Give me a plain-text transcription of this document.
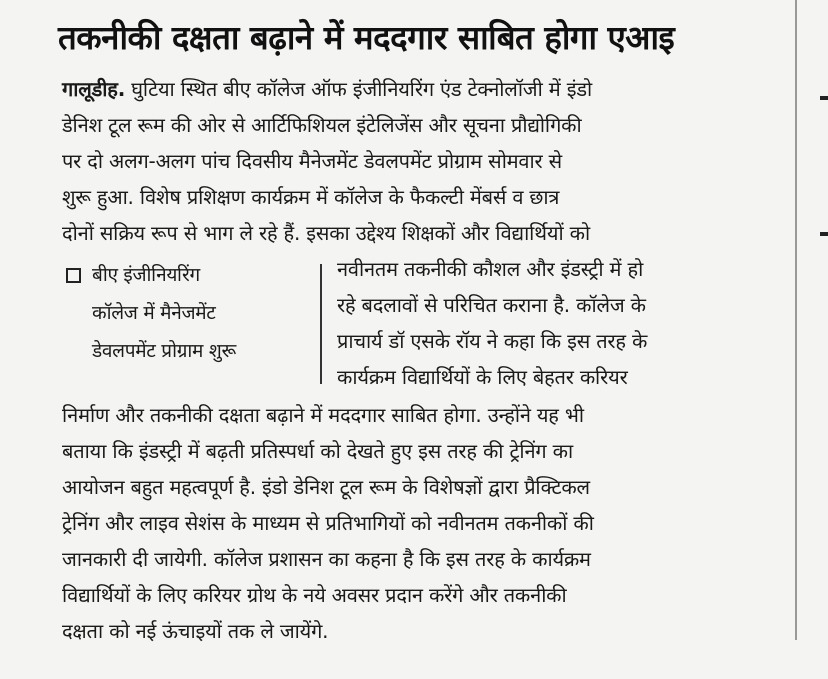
तकनीकी दक्षता बढ़ाने में मददगार साबित होगा एआइ
गालूडीह. घुटिया स्थित बीए कॉलेज ऑफ इंजीनियरिंग एंड टेक्नोलॉजी में इंडो
डेनिश टूल रूम की ओर से आर्टिफिशियल इंटेलिजेंस और सूचना प्रौद्योगिकी
पर दो अलग-अलग पांच दिवसीय मैनेजमेंट डेवलपमेंट प्रोग्राम सोमवार से
शुरू हुआ. विशेष प्रशिक्षण कार्यक्रम में कॉलेज के फैकल्टी मेंबर्स व छात्र
दोनों सक्रिय रूप से भाग ले रहे हैं. इसका उद्देश्य शिक्षकों और विद्यार्थियों को
बीए इंजीनियरिंग
कॉलेज में मैनेजमेंट
डेवलपमेंट प्रोग्राम शुरू
नवीनतम तकनीकी कौशल और इंडस्ट्री में हो
रहे बदलावों से परिचित कराना है. कॉलेज के
प्राचार्य डॉ एसके रॉय ने कहा कि इस तरह के
कार्यक्रम विद्यार्थियों के लिए बेहतर करियर
निर्माण और तकनीकी दक्षता बढ़ाने में मददगार साबित होगा. उन्होंने यह भी
बताया कि इंडस्ट्री में बढ़ती प्रतिस्पर्धा को देखते हुए इस तरह की ट्रेनिंग का
आयोजन बहुत महत्वपूर्ण है. इंडो डेनिश टूल रूम के विशेषज्ञों द्वारा प्रैक्टिकल
ट्रेनिंग और लाइव सेशंस के माध्यम से प्रतिभागियों को नवीनतम तकनीकों की
जानकारी दी जायेगी. कॉलेज प्रशासन का कहना है कि इस तरह के कार्यक्रम
विद्यार्थियों के लिए करियर ग्रोथ के नये अवसर प्रदान करेंगे और तकनीकी
दक्षता को नई ऊंचाइयों तक ले जायेंगे.
